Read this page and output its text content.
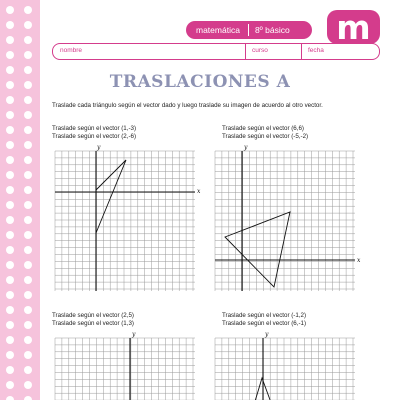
matemática 8º básico m
nombre	curso	fecha
TRASLACIONES A
Traslade cada triángulo según el vector dado y luego traslade su imagen de acuerdo al otro vector.
Traslade según el vector (1,-3)
Traslade según el vector (2,-6)
x
y
Traslade según el vector (6,6)
Traslade según el vector (-5,-2)
x
y
Traslade según el vector (2,5)
Traslade según el vector (1,3)
y
Traslade según el vector (-1,2)
Traslade según el vector (6,-1)
y
